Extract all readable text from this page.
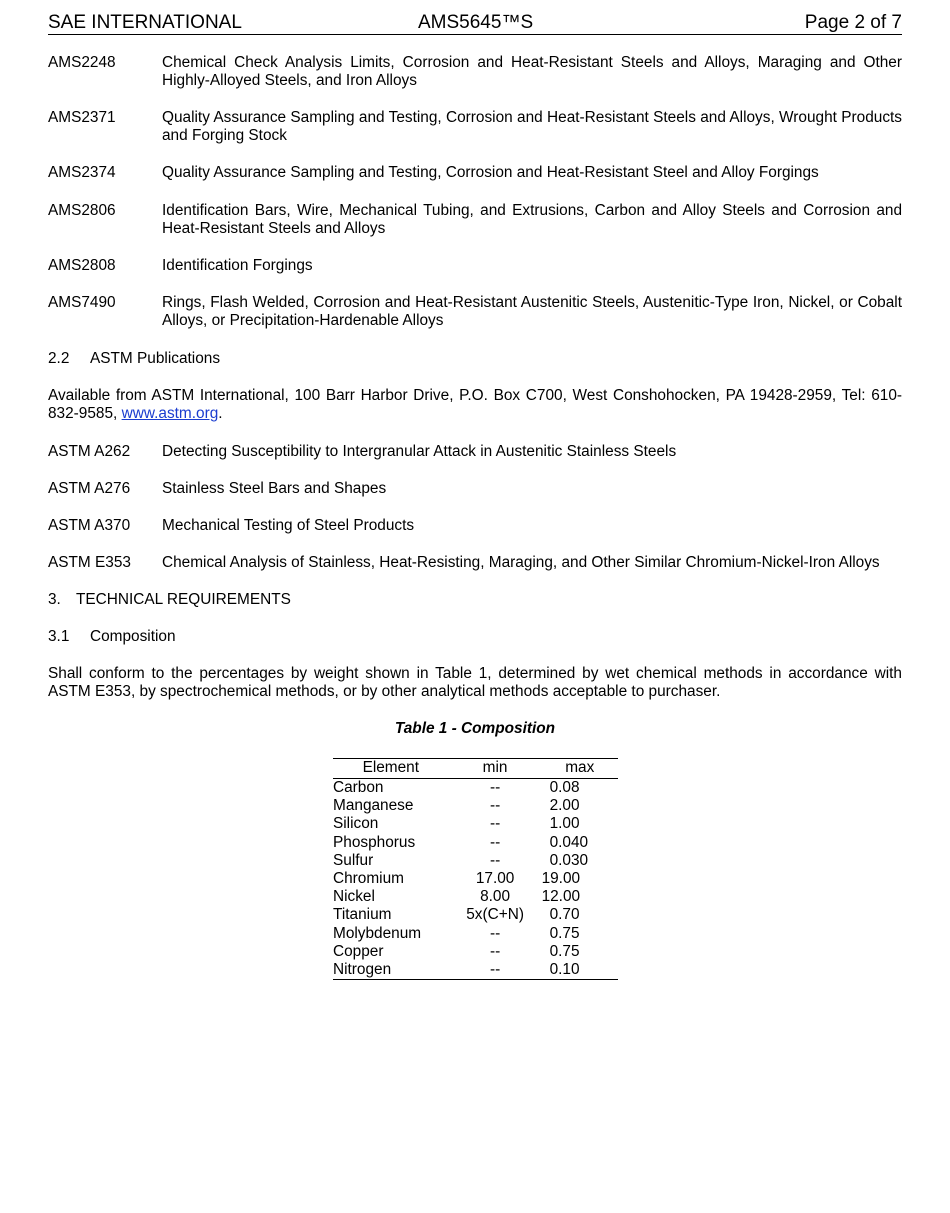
SAE INTERNATIONAL	AMS5645™S	Page 2 of 7
AMS2248	Chemical Check Analysis Limits, Corrosion and Heat-Resistant Steels and Alloys, Maraging and Other Highly-Alloyed Steels, and Iron Alloys
AMS2371	Quality Assurance Sampling and Testing, Corrosion and Heat-Resistant Steels and Alloys, Wrought Products and Forging Stock
AMS2374	Quality Assurance Sampling and Testing, Corrosion and Heat-Resistant Steel and Alloy Forgings
AMS2806	Identification Bars, Wire, Mechanical Tubing, and Extrusions, Carbon and Alloy Steels and Corrosion and Heat-Resistant Steels and Alloys
AMS2808	Identification Forgings
AMS7490	Rings, Flash Welded, Corrosion and Heat-Resistant Austenitic Steels, Austenitic-Type Iron, Nickel, or Cobalt Alloys, or Precipitation-Hardenable Alloys
2.2 ASTM Publications
Available from ASTM International, 100 Barr Harbor Drive, P.O. Box C700, West Conshohocken, PA 19428-2959, Tel: 610-832-9585, www.astm.org.
ASTM A262 Detecting Susceptibility to Intergranular Attack in Austenitic Stainless Steels
ASTM A276 Stainless Steel Bars and Shapes
ASTM A370 Mechanical Testing of Steel Products
ASTM E353 Chemical Analysis of Stainless, Heat-Resisting, Maraging, and Other Similar Chromium-Nickel-Iron Alloys
3. TECHNICAL REQUIREMENTS
3.1 Composition
Shall conform to the percentages by weight shown in Table 1, determined by wet chemical methods in accordance with ASTM E353, by spectrochemical methods, or by other analytical methods acceptable to purchaser.
Table 1 - Composition
Element	min	max
Carbon	--	0.08
Manganese	--	2.00
Silicon	--	1.00
Phosphorus	--	0.040
Sulfur	--	0.030
Chromium	17.00	19.00
Nickel	8.00	12.00
Titanium	5x(C+N)	0.70
Molybdenum	--	0.75
Copper	--	0.75
Nitrogen	--	0.10
